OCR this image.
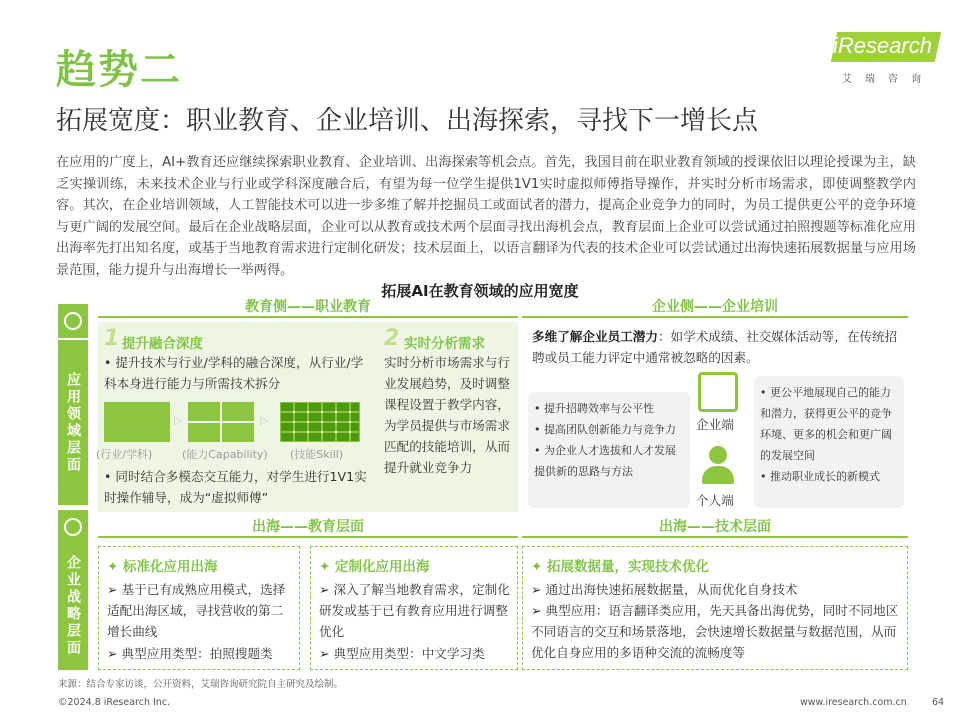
趋势二
拓展宽度：职业教育、企业培训、出海探索，寻找下一增长点
iResearch
艾瑞咨询
在应用的广度上，AI+教育还应继续探索职业教育、企业培训、出海探索等机会点。首先，我国目前在职业教育领域的授课依旧以理论授课为主，缺乏实操训练，未来技术企业与行业或学科深度融合后，有望为每一位学生提供1V1实时虚拟师傅指导操作，并实时分析市场需求，即使调整教学内容。其次，在企业培训领域，人工智能技术可以进一步多维了解并挖掘员工或面试者的潜力，提高企业竞争力的同时，为员工提供更公平的竞争环境与更广阔的发展空间。最后在企业战略层面，企业可以从教育或技术两个层面寻找出海机会点，教育层面上企业可以尝试通过拍照搜题等标准化应用出海率先打出知名度，或基于当地教育需求进行定制化研发；技术层面上，以语言翻译为代表的技术企业可以尝试通过出海快速拓展数据量与应用场景范围，能力提升与出海增长一举两得。
拓展AI在教育领域的应用宽度
应用领域层面
企业战略层面
教育侧——职业教育	企业侧——企业培训
1 提升融合深度
• 提升技术与行业/学科的融合深度，从行业/学科本身进行能力与所需技术拆分
▷	▷
(行业/学科)	(能力Capability) (技能Skill)
• 同时结合多模态交互能力，对学生进行1V1实时操作辅导，成为“虚拟师傅”
2 实时分析需求
实时分析市场需求与行业发展趋势，及时调整课程设置于教学内容，为学员提供与市场需求匹配的技能培训，从而提升就业竞争力
多维了解企业员工潜力：如学术成绩、社交媒体活动等，在传统招聘或员工能力评定中通常被忽略的因素。
• 提升招聘效率与公平性
• 提高团队创新能力与竞争力
• 为企业人才选拔和人才发展提供新的思路与方法
企业端
个人端
• 更公平地展现自己的能力和潜力，获得更公平的竞争环境、更多的机会和更广阔的发展空间
• 推动职业成长的新模式
出海——教育层面	出海——技术层面
✦ 标准化应用出海
➢ 基于已有成熟应用模式，选择适配出海区域，寻找营收的第二增长曲线
➢ 典型应用类型：拍照搜题类
✦ 定制化应用出海
➢ 深入了解当地教育需求，定制化研发或基于已有教育应用进行调整优化
➢ 典型应用类型：中文学习类
✦ 拓展数据量，实现技术优化
➢ 通过出海快速拓展数据量，从而优化自身技术
➢ 典型应用：语言翻译类应用，先天具备出海优势，同时不同地区不同语言的交互和场景落地，会快速增长数据量与数据范围，从而优化自身应用的多语种交流的流畅度等
来源：结合专家访谈，公开资料，艾瑞咨询研究院自主研究及绘制。
©2024.8 iResearch Inc.	www.iresearch.com.cn	64
